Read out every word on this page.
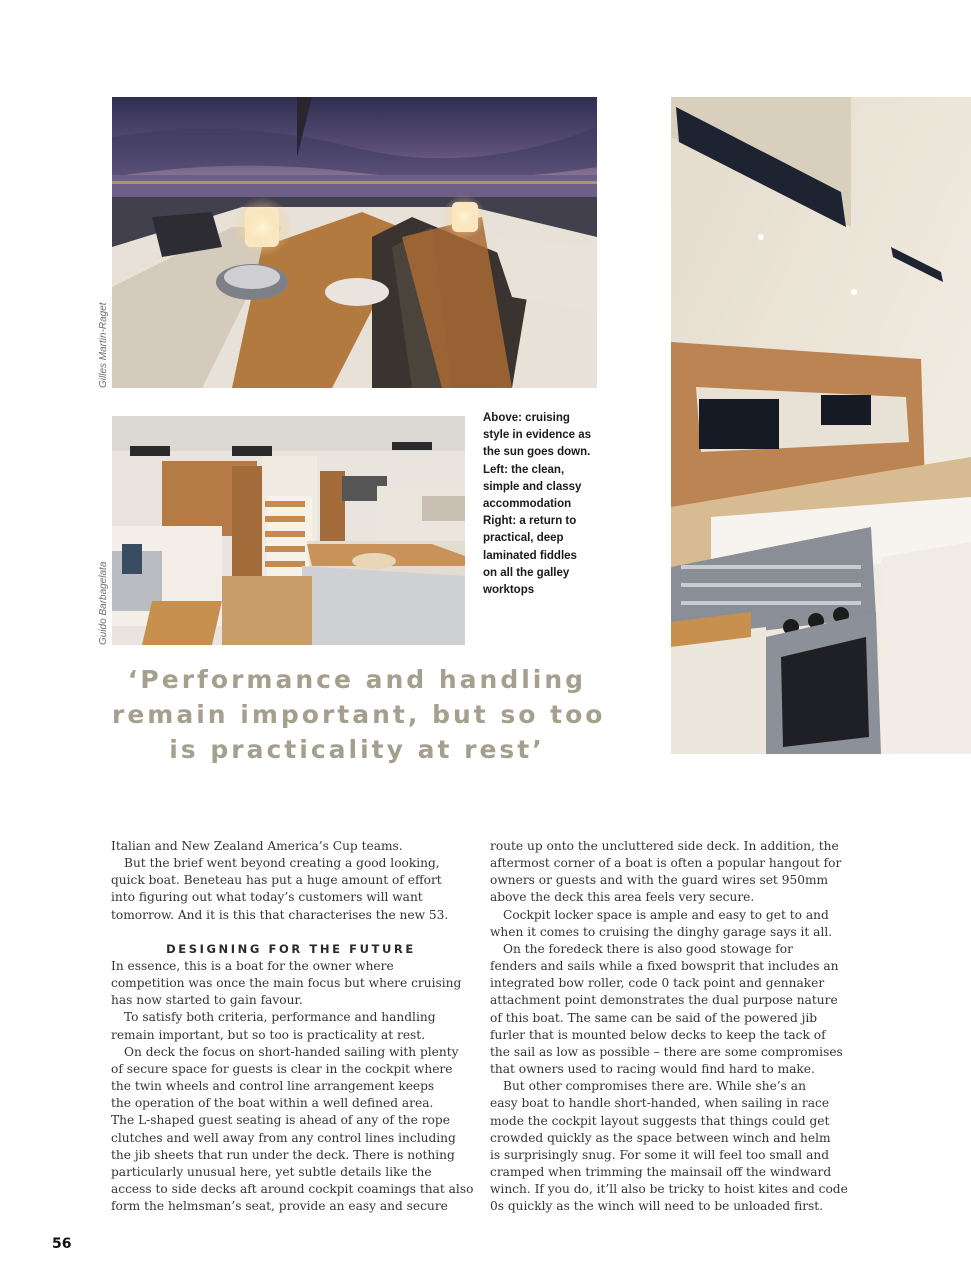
Gilles Martin-Raget
Guido Barbagelata
Above: cruising
style in evidence as
the sun goes down.
Left: the clean,
simple and classy
accommodation
Right: a return to
practical, deep
laminated fiddles
on all the galley
worktops
‘Performance and handling
remain important, but so too
is practicality at rest’
Italian and New Zealand America’s Cup teams.
But the brief went beyond creating a good looking,
quick boat. Beneteau has put a huge amount of effort
into figuring out what today’s customers will want
tomorrow. And it is this that characterises the new 53.
DESIGNING FOR THE FUTURE
In essence, this is a boat for the owner where
competition was once the main focus but where cruising
has now started to gain favour.
To satisfy both criteria, performance and handling
remain important, but so too is practicality at rest.
On deck the focus on short-handed sailing with plenty
of secure space for guests is clear in the cockpit where
the twin wheels and control line arrangement keeps
the operation of the boat within a well defined area.
The L-shaped guest seating is ahead of any of the rope
clutches and well away from any control lines including
the jib sheets that run under the deck. There is nothing
particularly unusual here, yet subtle details like the
access to side decks aft around cockpit coamings that also
form the helmsman’s seat, provide an easy and secure
route up onto the uncluttered side deck. In addition, the
aftermost corner of a boat is often a popular hangout for
owners or guests and with the guard wires set 950mm
above the deck this area feels very secure.
Cockpit locker space is ample and easy to get to and
when it comes to cruising the dinghy garage says it all.
On the foredeck there is also good stowage for
fenders and sails while a fixed bowsprit that includes an
integrated bow roller, code 0 tack point and gennaker
attachment point demonstrates the dual purpose nature
of this boat. The same can be said of the powered jib
furler that is mounted below decks to keep the tack of
the sail as low as possible – there are some compromises
that owners used to racing would find hard to make.
But other compromises there are. While she’s an
easy boat to handle short-handed, when sailing in race
mode the cockpit layout suggests that things could get
crowded quickly as the space between winch and helm
is surprisingly snug. For some it will feel too small and
cramped when trimming the mainsail off the windward
winch. If you do, it’ll also be tricky to hoist kites and code
0s quickly as the winch will need to be unloaded first.
56
